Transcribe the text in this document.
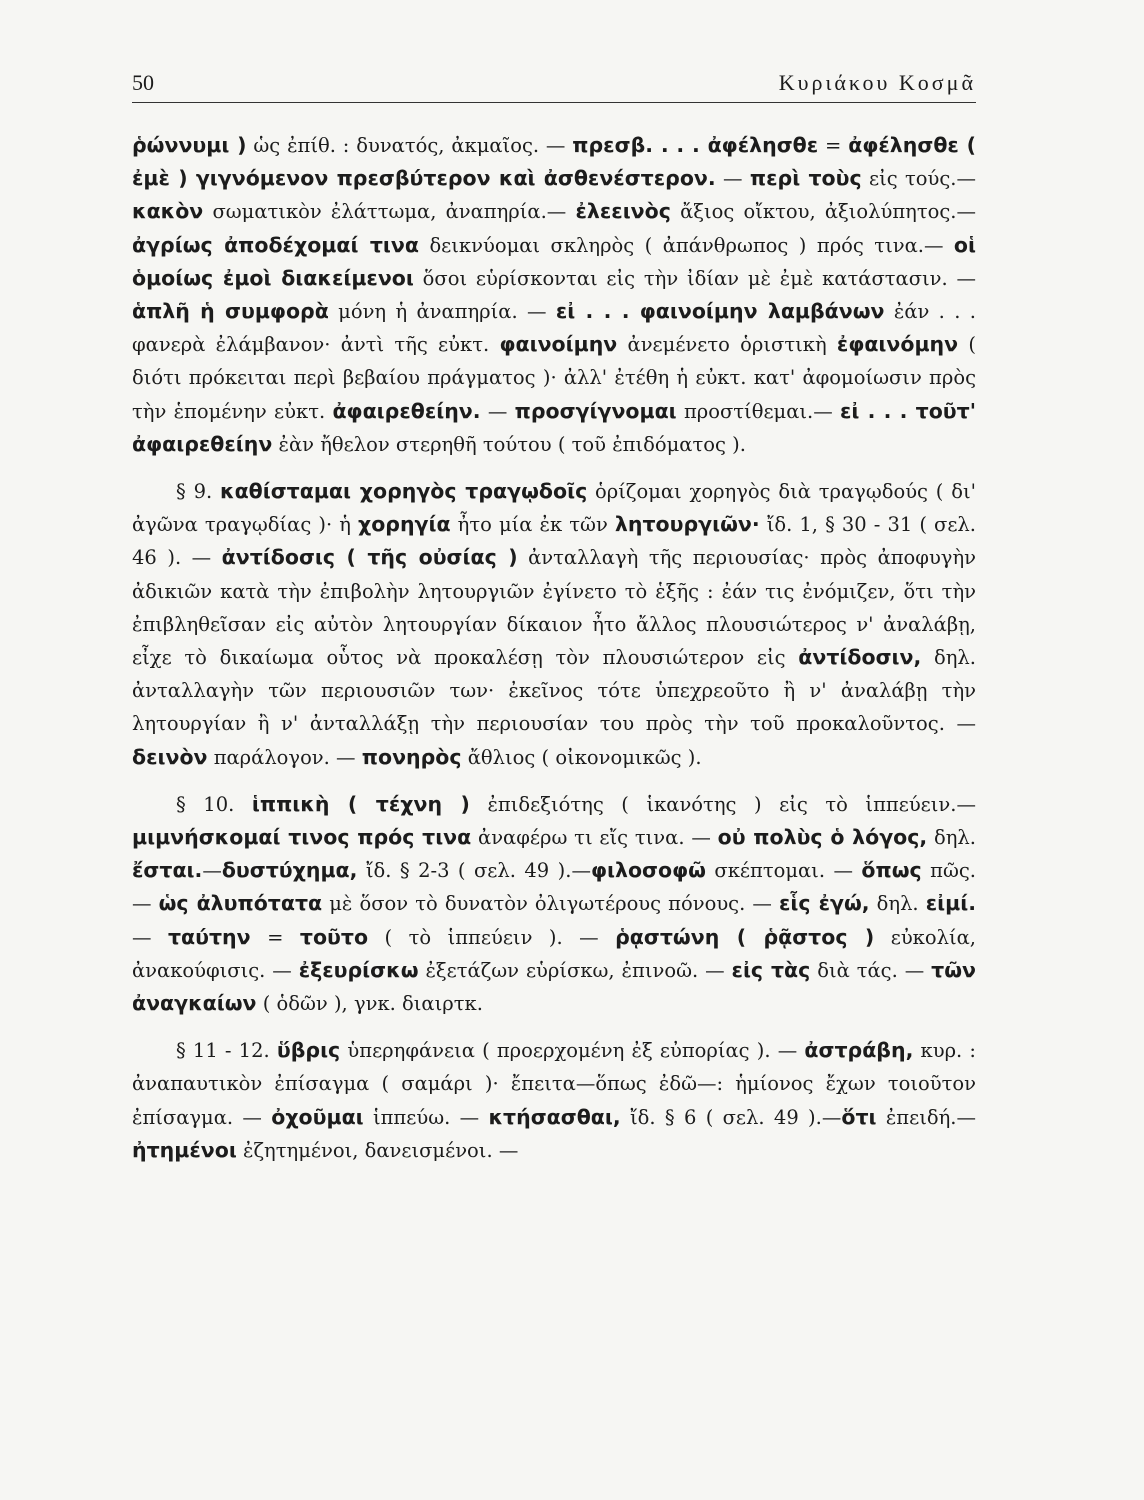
50	Κυριάκου Κοσμᾶ

ῥώννυμι ) ὡς ἐπίθ. : δυνατός, ἀκμαῖος. — πρεσβ. . . . ἀφέλησθε = ἀφέλησθε ( ἐμὲ ) γιγνόμενον πρεσβύτερον καὶ ἀσθενέστερον. — περὶ τοὺς εἰς τούς.— κακὸν σωματικὸν ἐλάττωμα, ἀναπηρία.— ἐλεεινὸς ἄξιος οἴκτου, ἀξιολύπητος.— ἀγρίως ἀποδέχομαί τινα δεικνύομαι σκληρὸς ( ἀπάνθρωπος ) πρός τινα.— οἱ ὁμοίως ἐμοὶ διακείμενοι ὅσοι εὑρίσκονται εἰς τὴν ἰδίαν μὲ ἐμὲ κατάστασιν. — ἁπλῆ ἡ συμφορὰ μόνη ἡ ἀναπηρία. — εἰ . . . φαινοίμην λαμβάνων ἐάν . . . φανερὰ ἐλάμβανον· ἀντὶ τῆς εὐκτ. φαινοίμην ἀνεμένετο ὁριστικὴ ἐφαινόμην ( διότι πρόκειται περὶ βεβαίου πράγματος )· ἀλλ' ἐτέθη ἡ εὐκτ. κατ' ἀφομοίωσιν πρὸς τὴν ἑπομένην εὐκτ. ἀφαιρεθείην. — προσγίγνομαι προστίθεμαι.— εἰ . . . τοῦτ' ἀφαιρεθείην ἐὰν ἤθελον στερηθῆ τούτου ( τοῦ ἐπιδόματος ).

§ 9. καθίσταμαι χορηγὸς τραγῳδοῖς ὁρίζομαι χορηγὸς διὰ τραγῳδούς ( δι' ἀγῶνα τραγῳδίας )· ἡ χορηγία ἦτο μία ἐκ τῶν λητουργιῶν· ἴδ. 1, § 30 - 31 ( σελ. 46 ). — ἀντίδοσις ( τῆς οὐσίας ) ἀνταλλαγὴ τῆς περιουσίας· πρὸς ἀποφυγὴν ἀδικιῶν κατὰ τὴν ἐπιβολὴν λητουργιῶν ἐγίνετο τὸ ἑξῆς : ἐάν τις ἐνόμιζεν, ὅτι τὴν ἐπιβληθεῖσαν εἰς αὐτὸν λητουργίαν δίκαιον ἦτο ἄλλος πλουσιώτερος ν' ἀναλάβῃ, εἶχε τὸ δικαίωμα οὗτος νὰ προκαλέσῃ τὸν πλουσιώτερον εἰς ἀντίδοσιν, δηλ. ἀνταλλαγὴν τῶν περιουσιῶν των· ἐκεῖνος τότε ὑπεχρεοῦτο ἢ ν' ἀναλάβῃ τὴν λητουργίαν ἢ ν' ἀνταλλάξῃ τὴν περιουσίαν του πρὸς τὴν τοῦ προκαλοῦντος. — δεινὸν παράλογον. — πονηρὸς ἄθλιος ( οἰκονομικῶς ).

§ 10. ἱππικὴ ( τέχνη ) ἐπιδεξιότης ( ἱκανότης ) εἰς τὸ ἱππεύειν.— μιμνήσκομαί τινος πρός τινα ἀναφέρω τι εἴς τινα. — οὐ πολὺς ὁ λόγος, δηλ. ἔσται.—δυστύχημα, ἴδ. § 2-3 ( σελ. 49 ).—φιλοσοφῶ σκέπτομαι. — ὅπως πῶς. — ὡς ἀλυπότατα μὲ ὅσον τὸ δυνατὸν ὀλιγωτέρους πόνους. — εἷς ἐγώ, δηλ. εἰμί. — ταύτην = τοῦτο ( τὸ ἱππεύειν ). — ῥᾳστώνη ( ῥᾷστος ) εὐκολία, ἀνακούφισις. — ἐξευρίσκω ἐξετάζων εὑρίσκω, ἐπινοῶ. — εἰς τὰς διὰ τάς. — τῶν ἀναγκαίων ( ὁδῶν ), γνκ. διαιρτκ.

§ 11 - 12. ὕβρις ὑπερηφάνεια ( προερχομένη ἐξ εὐπορίας ). — ἀστράβη, κυρ. : ἀναπαυτικὸν ἐπίσαγμα ( σαμάρι )· ἔπειτα—ὅπως ἐδῶ—: ἡμίονος ἔχων τοιοῦτον ἐπίσαγμα. — ὀχοῦμαι ἱππεύω. — κτήσασθαι, ἴδ. § 6 ( σελ. 49 ).—ὅτι ἐπειδή.— ἠτημένοι ἐζητημένοι, δανεισμένοι. —
